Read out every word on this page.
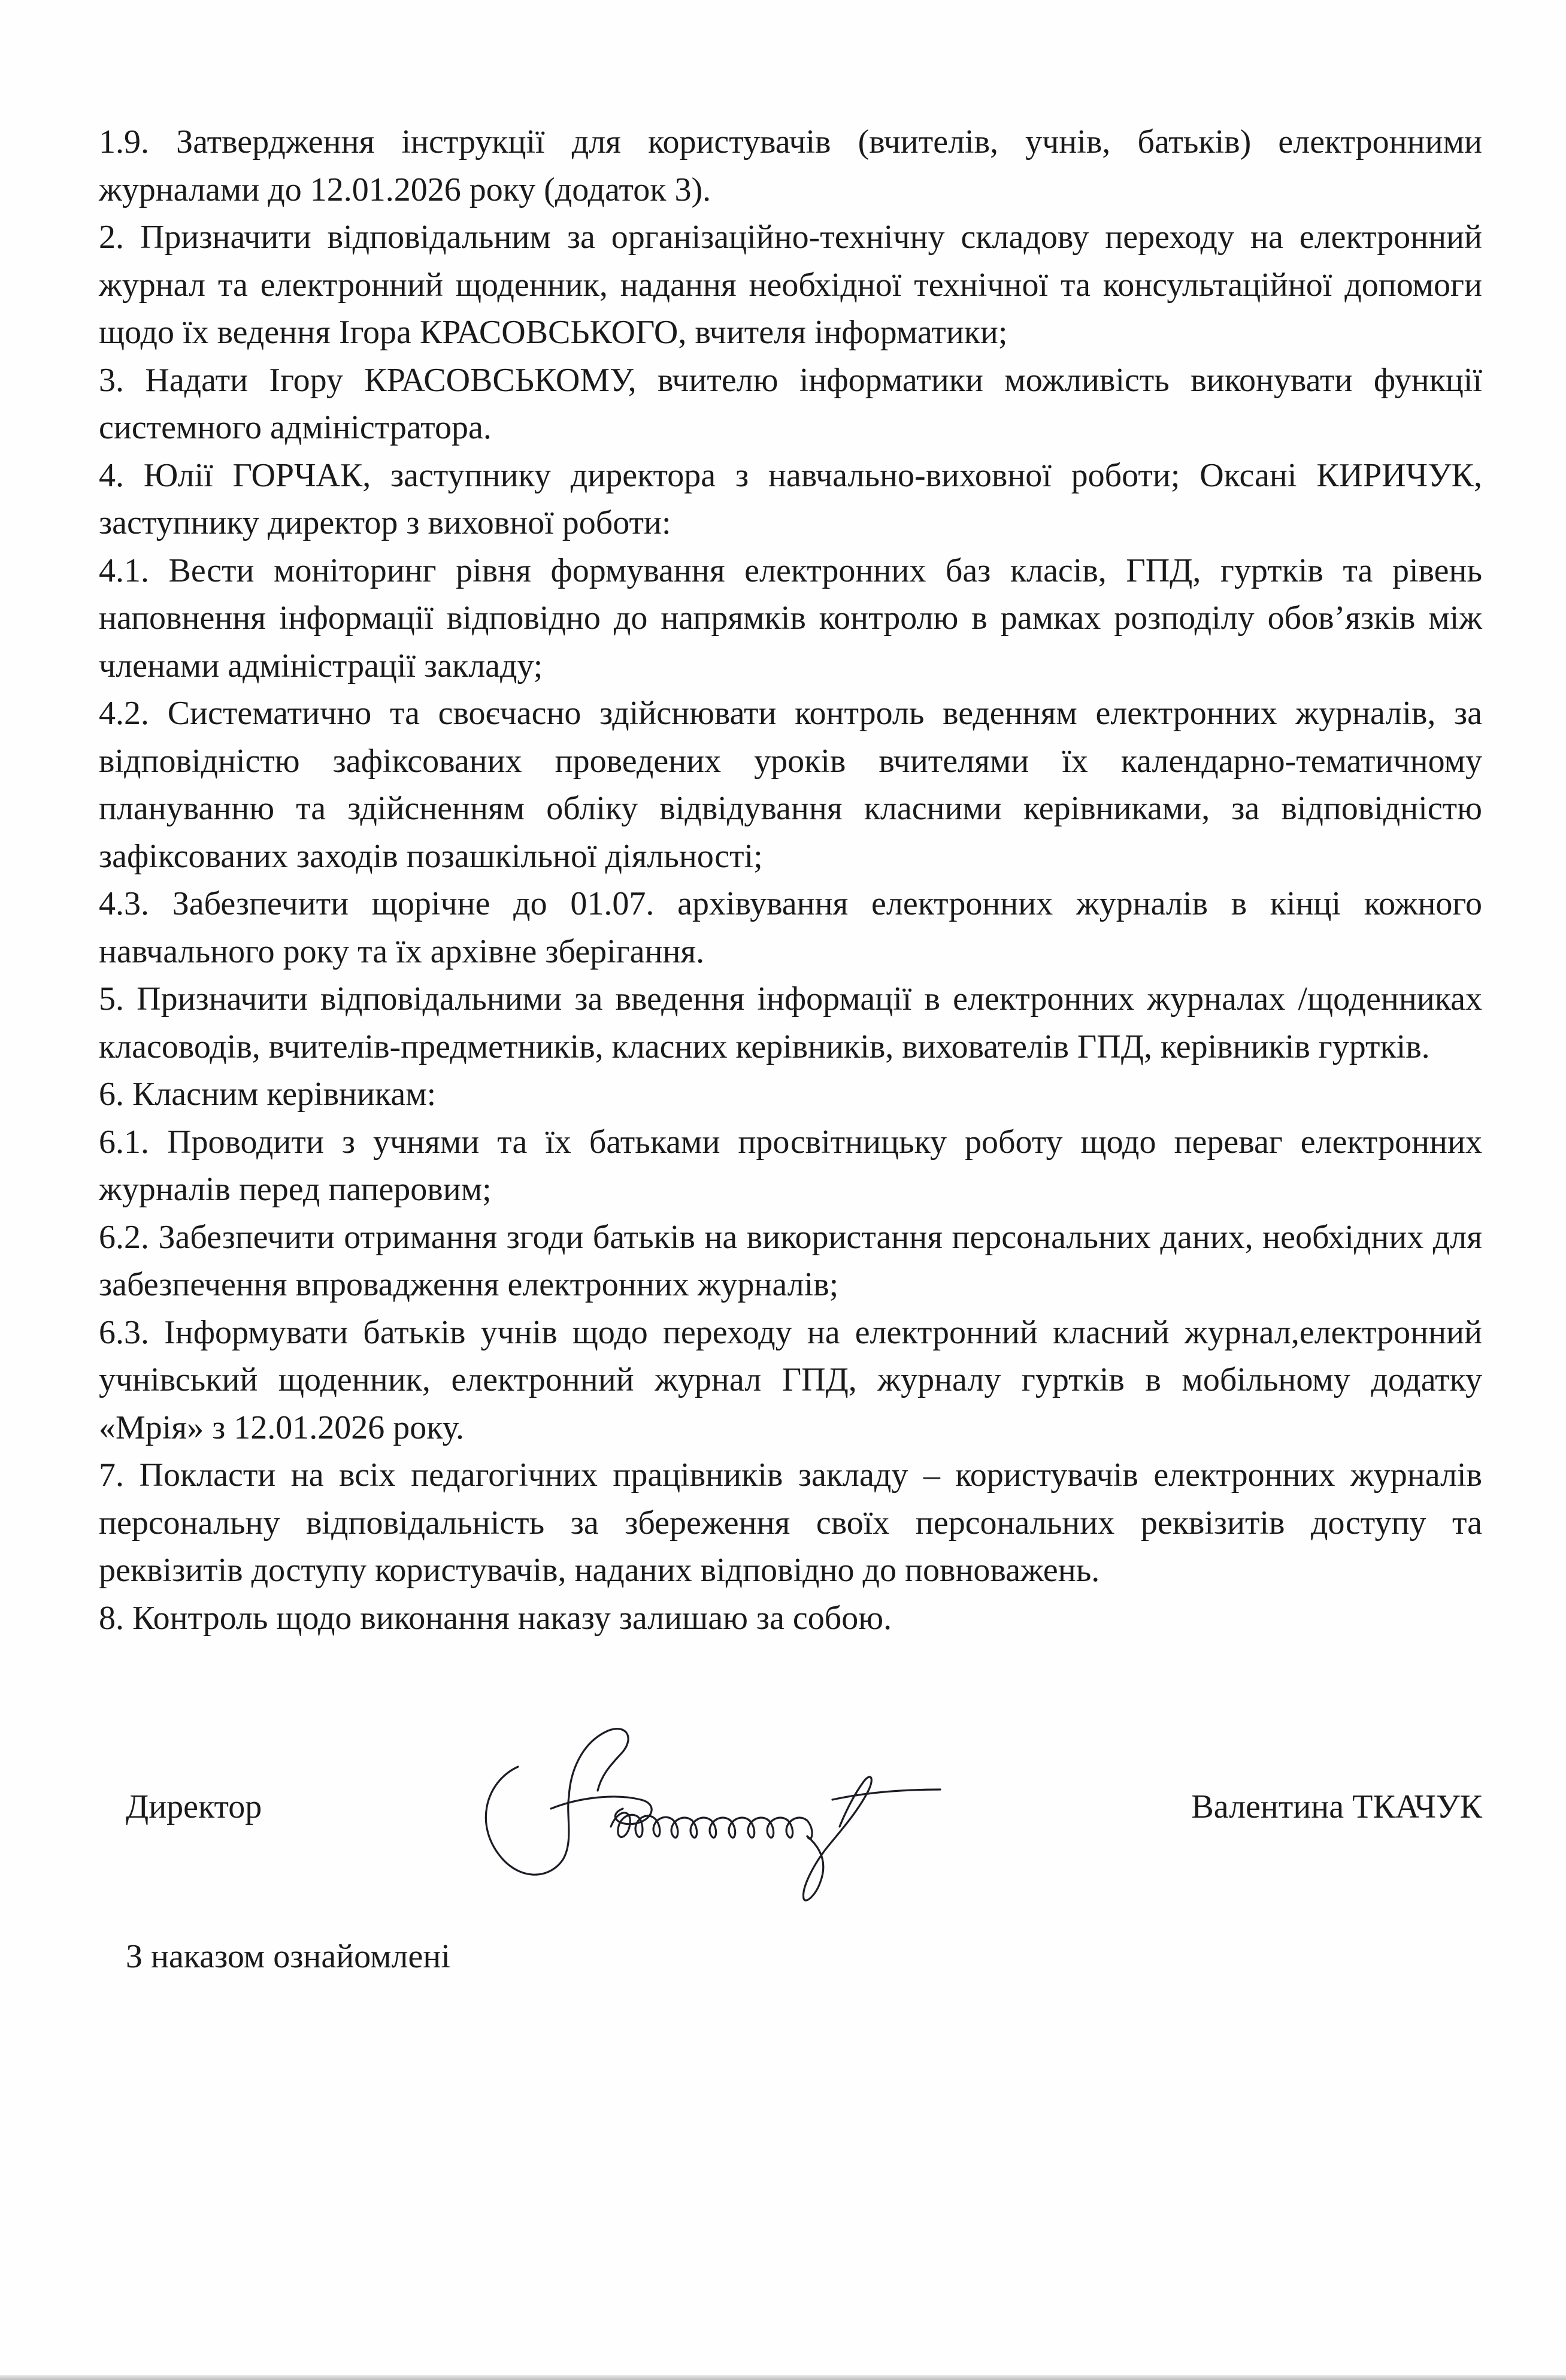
1.9. Затвердження інструкції для користувачів (вчителів, учнів, батьків) електронними журналами до 12.01.2026 року (додаток 3).

2. Призначити відповідальним за організаційно-технічну складову переходу на електронний журнал та електронний щоденник, надання необхідної технічної та консультаційної допомоги щодо їх ведення Ігора КРАСОВСЬКОГО, вчителя інформатики;

3. Надати Ігору КРАСОВСЬКОМУ, вчителю інформатики можливість виконувати функції системного адміністратора.

4. Юлії ГОРЧАК, заступнику директора з навчально-виховної роботи; Оксані КИРИЧУК, заступнику директор з виховної роботи:

4.1. Вести моніторинг рівня формування електронних баз класів, ГПД, гуртків та рівень наповнення інформації відповідно до напрямків контролю в рамках розподілу обов’язків між членами адміністрації закладу;

4.2. Систематично та своєчасно здійснювати контроль веденням електронних журналів, за відповідністю зафіксованих проведених уроків вчителями їх календарно-тематичному плануванню та здійсненням обліку відвідування класними керівниками, за відповідністю зафіксованих заходів позашкільної діяльності;

4.3. Забезпечити щорічне до 01.07. архівування електронних журналів в кінці кожного навчального року та їх архівне зберігання.

5. Призначити відповідальними за введення інформації в електронних журналах /щоденниках класоводів, вчителів-предметників, класних керівників, вихователів ГПД, керівників гуртків.

6. Класним керівникам:

6.1. Проводити з учнями та їх батьками просвітницьку роботу щодо переваг електронних журналів перед паперовим;

6.2. Забезпечити отримання згоди батьків на використання персональних даних, необхідних для забезпечення впровадження електронних журналів;

6.3. Інформувати батьків учнів щодо переходу на електронний класний журнал,електронний учнівський щоденник, електронний журнал ГПД, журналу гуртків в мобільному додатку «Мрія» з 12.01.2026 року.

7. Покласти на всіх педагогічних працівників закладу – користувачів електронних журналів персональну відповідальність за збереження своїх персональних реквізитів доступу та реквізитів доступу користувачів, наданих відповідно до повноважень.

8. Контроль щодо виконання наказу залишаю за собою.

Директор	Валентина ТКАЧУК
З наказом ознайомлені
